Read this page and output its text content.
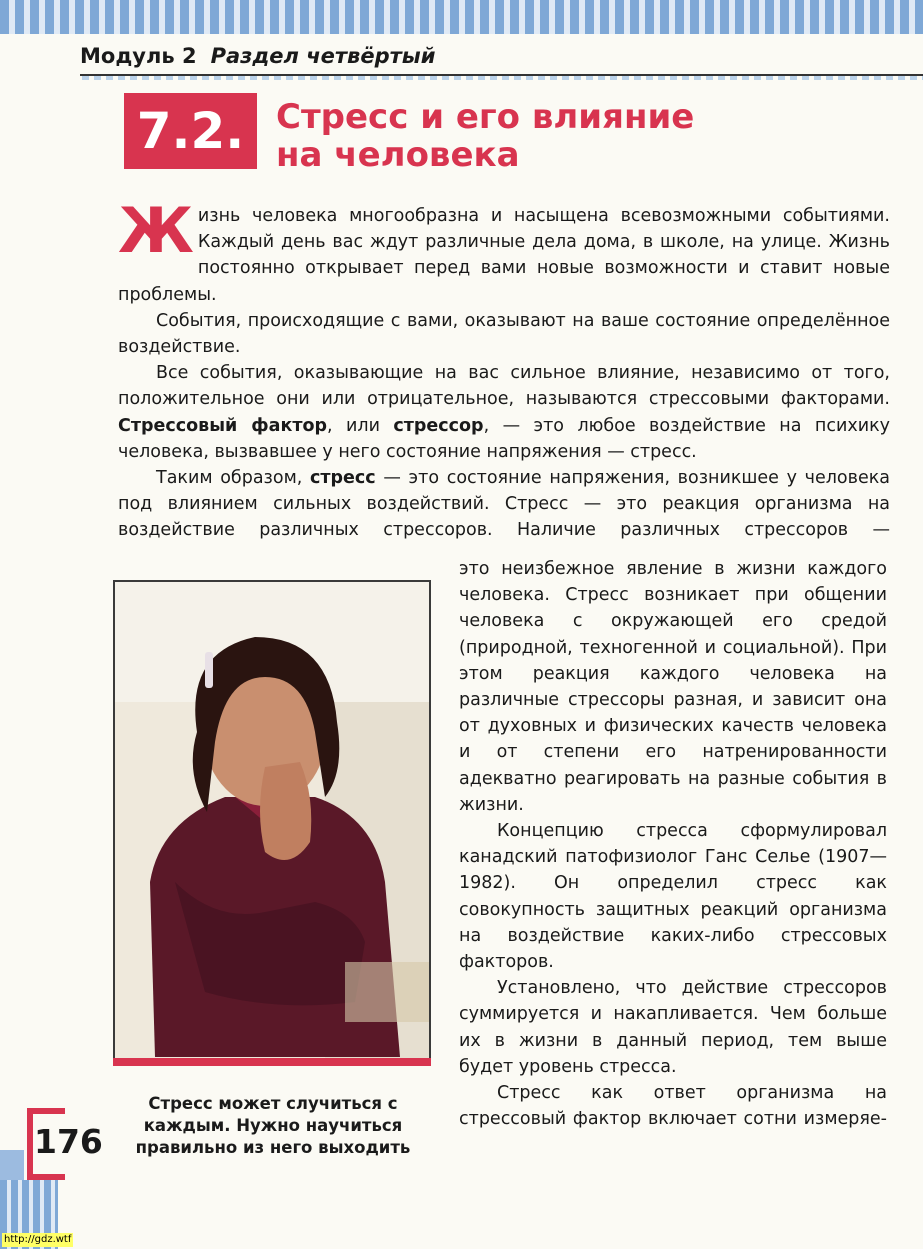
Модуль 2 Раздел четвёртый
7.2. Стресс и его влияние
на человека

Жизнь человека многообразна и насыщена всевозможными событиями. Каждый день вас ждут различные дела дома, в школе, на улице. Жизнь постоянно открывает перед вами новые возможности и ставит новые проблемы.

События, происходящие с вами, оказывают на ваше состояние определённое воздействие.

Все события, оказывающие на вас сильное влияние, независимо от того, положительное они или отрицательное, называются стрессовыми факторами. Стрессовый фактор, или стрессор, — это любое воздействие на психику человека, вызвавшее у него состояние напряжения — стресс.

Таким образом, стресс — это состояние напряжения, возникшее у человека под влиянием сильных воздействий. Стресс — это реакция организма на воздействие различных стрессоров. Наличие различных стрессоров —

это неизбежное явление в жизни каждого человека. Стресс возникает при общении человека с окружающей его средой (природной, техногенной и социальной). При этом реакция каждого человека на различные стрессоры разная, и зависит она от духовных и физических качеств человека и от степени его натренированности адекватно реагировать на разные события в жизни.

Концепцию стресса сформулировал канадский патофизиолог Ганс Селье (1907—1982). Он определил стресс как совокупность защитных реакций организма на воздействие каких-либо стрессовых факторов.

Установлено, что действие стрессоров суммируется и накапливается. Чем больше их в жизни в данный период, тем выше будет уровень стресса.

Стресс как ответ организма на стрессовый фактор включает сотни измеряе-

Стресс может случиться с каждым. Нужно научиться правильно из него выходить
176
http://gdz.wtf
